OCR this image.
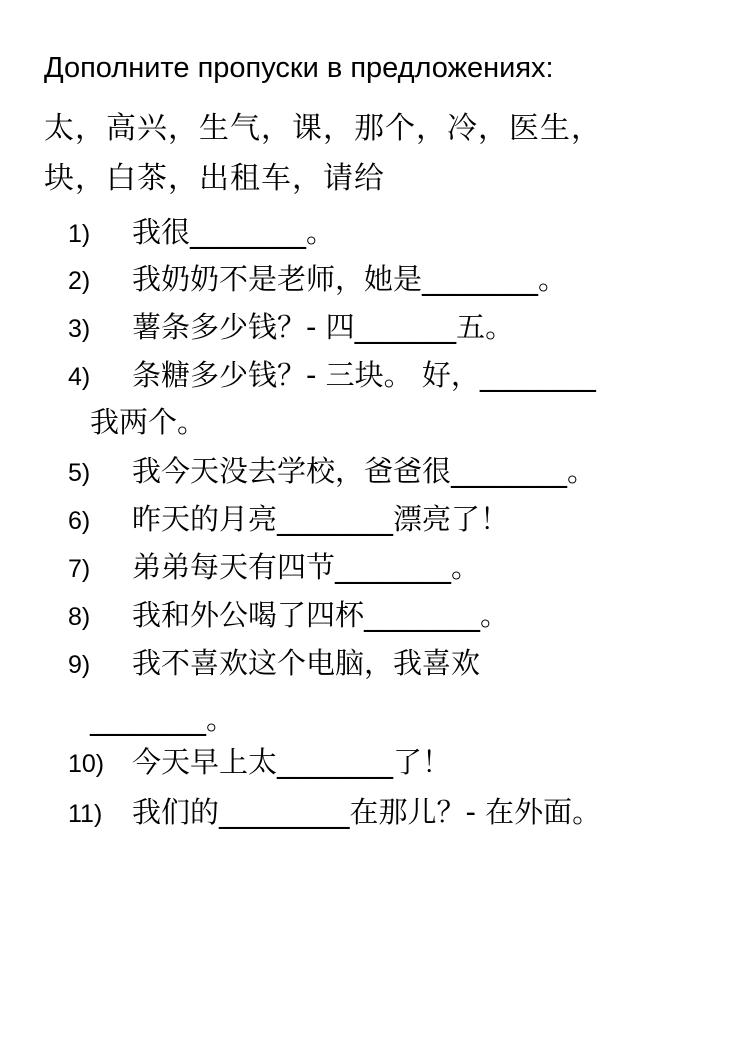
Дополните пропуски в предложениях:
太，高兴，生气，课，那个，冷，医生，
块，白茶，出租车，请给
1) 我很________。
2) 我奶奶不是老师，她是________。
3) 薯条多少钱？- 四_______五。
4) 条糖多少钱？- 三块。 好，________
我两个。
5) 我今天没去学校，爸爸很________。
6) 昨天的月亮________漂亮了！
7) 弟弟每天有四节________。
8) 我和外公喝了四杯________。
9) 我不喜欢这个电脑，我喜欢
________。
10) 今天早上太________了！
11) 我们的_________在那儿？- 在外面。
